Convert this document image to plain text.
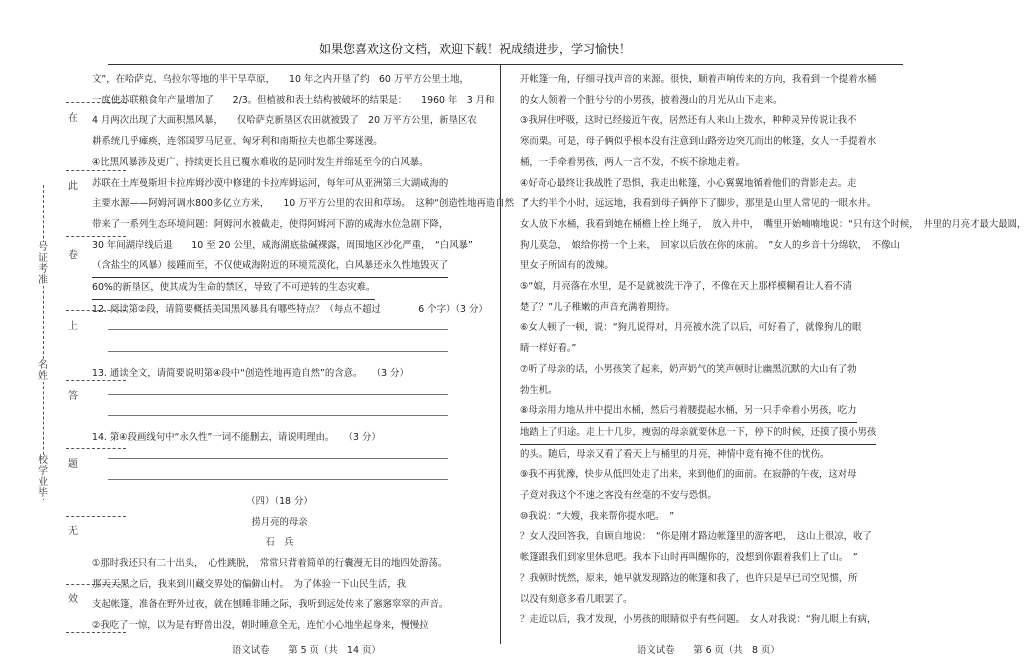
如果您喜欢这份文档，欢迎下载！祝成绩进步，学习愉快！
号证考准
名姓
校学业毕
在
此
卷
上
答
题
无
效

文”，在哈萨克、乌拉尔等地的半干旱草原，　　10 年之内开垦了约　60 万平方公里土地，

一度使苏联粮食年产量增加了　　2/3。但植被和表土结构被破坏的结果是：　　1960 年　3 月和

4 月两次出现了大面积黑风暴，　　仅哈萨克新垦区农田就被毁了　20 万平方公里，新垦区农

耕系统几乎瘫痪，连邻国罗马尼亚、匈牙利和南斯拉夫也都尘雾迷漫。

④比黑风暴涉及更广、持续更长且已覆水难收的是同时发生并绵延至今的白风暴。

苏联在土库曼斯坦卡拉库姆沙漠中修建的卡拉库姆运河，每年可从亚洲第三大湖咸海的

主要水源——阿姆河调水800多亿立方米，　　10 万平方公里的农田和草场。　这种“创造性地再造自然　”

带来了一系列生态环境问题：阿姆河水被截走，使得阿姆河下游的咸海水位急剧下降，

30 年间湖岸线后退　　10 至 20 公里，咸海湖底盐碱裸露，周围地区沙化严重，　“白风暴”

（含盐尘的风暴）接踵而至，不仅使咸海附近的环境荒漠化，白风暴还永久性地毁灭了

60%的新垦区，使其成为生命的禁区，导致了不可逆转的生态灾难。

12. 阅读第②段，请简要概括美国黑风暴具有哪些特点？（每点不超过　　　　6 个字）（3 分）

13. 通读全文，请简要说明第④段中“创造性地再造自然”的含意。　　（3 分）

14. 第④段画线句中“永久性”一词不能删去，请说明理由。　　（3 分）

（四）（18 分）

捞月亮的母亲

石　兵

①那时我还只有二十出头，　心性跳脱，　常常只背着简单的行囊漫无目的地四处游荡。

那天天黑之后，我来到川藏交界处的偏僻山村。　为了体验一下山民生活，我

支起帐篷，准备在野外过夜，就在刨睡非睡之际，我听到远处传来了窸窸窣窣的声音。

②我吃了一惊，以为是有野兽出没，朝时睡意全无，连忙小心地坐起身来，慢慢拉

开帐篷一角，仔细寻找声音的来源。很快，顺着声响传来的方向，我看到一个提着水桶

的女人领着一个脏兮兮的小男孩，披着漫山的月光从山下走来。

③我屏住呼吸，这时已经接近午夜，居然还有人来山上拨水，种种灵异传说让我不

寒而栗。可是，母子俩似乎根本没有注意到山路旁边突兀而出的帐篷，女人一手提着水

桶，一手牵着男孩，两人一言不发，不疾不徐地走着。

④好奇心最终让我战胜了恐惧，我走出帐篷，小心翼翼地循着他们的背影走去。走

了大约半个小时，远远地，我看到母子俩停下了脚步，那里是山里人常见的一眼水井。

女人放下水桶，我看到她在桶檐上拴上绳子，　放入井中，　嘴里开始喃喃地说：“只有这个时候，　井里的月亮才最大最圆，

狗儿莫急，　娘给你捞一个上来，　回家以后放在你的床前。　”女人的乡音十分绵软，　不像山

里女子所固有的泼辣。

⑤“娘，月亮落在水里，是不是就被洗干净了，不像在天上那样模糊看让人看不清

楚了？”儿子稚嫩的声音充满着期待。

⑥女人顿了一顿，说：“狗儿说得对，月亮被水洗了以后，可好看了，就像狗儿的眼

睛一样好看。”

⑦听了母亲的话，小男孩笑了起来，奶声奶气的笑声顿时让幽黑沉默的大山有了勃

勃生机。

⑧母亲用力地从井中提出水桶，然后弓着腰提起水桶，另一只手牵着小男孩，吃力

地踏上了归途。走上十几步，瘦弱的母亲就要休息一下，停下的时候，还摸了摸小男孩

的头。随后，母亲又看了看天上与桶里的月亮，神情中竟有掩不住的忧伤。

⑨我不再犹豫，快步从低凹处走了出来，来到他们的面前。在寂静的午夜，这对母

子竟对我这个不速之客没有丝毫的不安与恐惧。

⑩我说：“大嫂，我来帮你提水吧。　”

？女人没回答我，自顾自地说：　“你是刚才路边帐篷里的游客吧，　这山上很凉，收了

帐篷跟我们到家里休息吧。我本下山时再叫醒你的，没想到你跟着我们上了山。　”

？我顿时恍然，原来，她早就发现路边的帐篷和我了，也许只是早已司空见惯，所

以没有刻意多看几眼罢了。

？走近以后，我才发现，小男孩的眼睛似乎有些问题。　女人对我说：“狗儿眼上有病，

语文试卷　　第 5 页（共　14 页）	语文试卷　　第 6 页（共　8 页）
